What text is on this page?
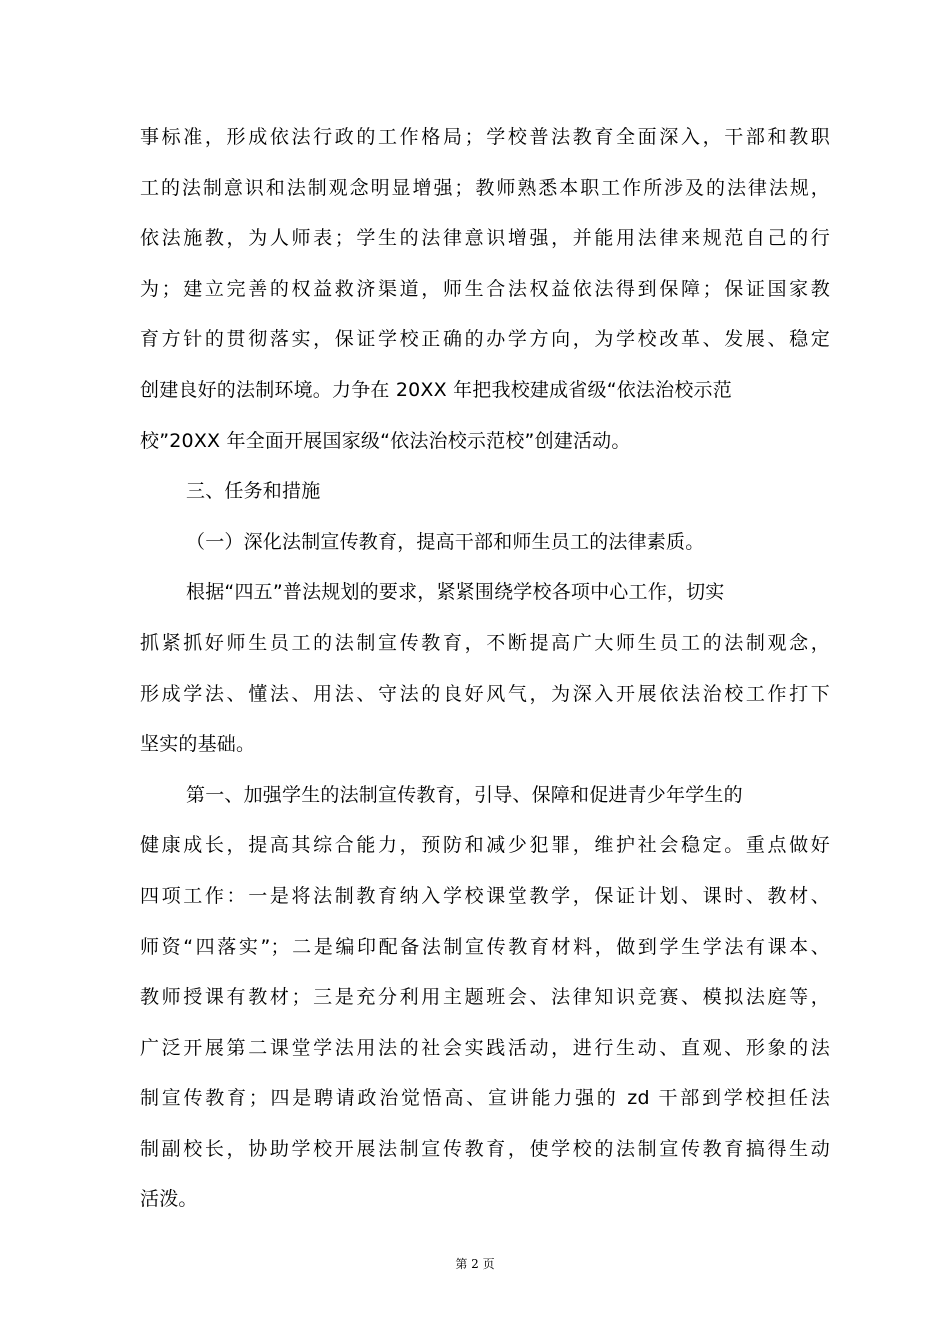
事标准，形成依法行政的工作格局；学校普法教育全面深入，干部和教职
工的法制意识和法制观念明显增强；教师熟悉本职工作所涉及的法律法规，
依法施教，为人师表；学生的法律意识增强，并能用法律来规范自己的行
为；建立完善的权益救济渠道，师生合法权益依法得到保障；保证国家教
育方针的贯彻落实，保证学校正确的办学方向，为学校改革、发展、稳定
创建良好的法制环境。力争在 20XX 年把我校建成省级“依法治校示范
校”20XX 年全面开展国家级“依法治校示范校”创建活动。
三、任务和措施
（一）深化法制宣传教育，提高干部和师生员工的法律素质。
根据“四五”普法规划的要求，紧紧围绕学校各项中心工作，切实
抓紧抓好师生员工的法制宣传教育，不断提高广大师生员工的法制观念，
形成学法、懂法、用法、守法的良好风气，为深入开展依法治校工作打下
坚实的基础。
第一、加强学生的法制宣传教育，引导、保障和促进青少年学生的
健康成长，提高其综合能力，预防和减少犯罪，维护社会稳定。重点做好
四项工作：一是将法制教育纳入学校课堂教学，保证计划、课时、教材、
师资“四落实”；二是编印配备法制宣传教育材料，做到学生学法有课本、
教师授课有教材；三是充分利用主题班会、法律知识竞赛、模拟法庭等，
广泛开展第二课堂学法用法的社会实践活动，进行生动、直观、形象的法
制宣传教育；四是聘请政治觉悟高、宣讲能力强的 zd 干部到学校担任法
制副校长，协助学校开展法制宣传教育，使学校的法制宣传教育搞得生动
活泼。
第 2 页
